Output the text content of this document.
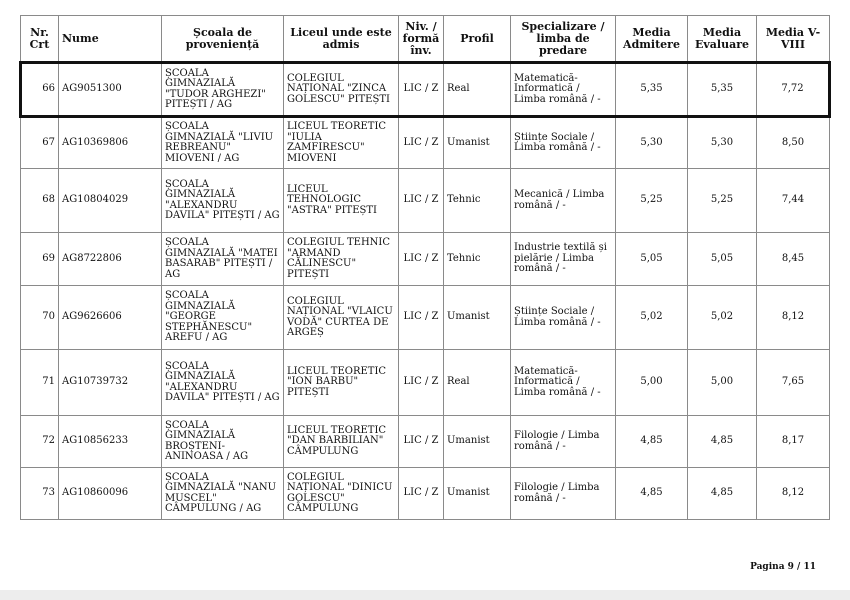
Nr. Crt	Nume	Școala de proveniență	Liceul unde este admis	Niv. / formă înv.	Profil	Specializare / limba de predare	Media Admitere	Media Evaluare	Media V-VIII
66	AG9051300	ȘCOALA GIMNAZIALĂ "TUDOR ARGHEZI" PITEȘTI / AG	COLEGIUL NAȚIONAL "ZINCA GOLESCU" PITEȘTI	LIC / Z	Real	Matematică-Informatică / Limba română / -	5,35	5,35	7,72
67	AG10369806	ȘCOALA GIMNAZIALĂ "LIVIU REBREANU" MIOVENI / AG	LICEUL TEORETIC "IULIA ZAMFIRESCU" MIOVENI	LIC / Z	Umanist	Științe Sociale / Limba română / -	5,30	5,30	8,50
68	AG10804029	ȘCOALA GIMNAZIALĂ "ALEXANDRU DAVILA" PITEȘTI / AG	LICEUL TEHNOLOGIC "ASTRA" PITEȘTI	LIC / Z	Tehnic	Mecanică / Limba română / -	5,25	5,25	7,44
69	AG8722806	ȘCOALA GIMNAZIALĂ "MATEI BASARAB" PITEȘTI / AG	COLEGIUL TEHNIC "ARMAND CĂLINESCU" PITEȘTI	LIC / Z	Tehnic	Industrie textilă și pielărie / Limba română / -	5,05	5,05	8,45
70	AG9626606	ȘCOALA GIMNAZIALĂ "GEORGE STEPHĂNESCU" AREFU / AG	COLEGIUL NAȚIONAL "VLAICU VODĂ" CURTEA DE ARGEȘ	LIC / Z	Umanist	Științe Sociale / Limba română / -	5,02	5,02	8,12
71	AG10739732	ȘCOALA GIMNAZIALĂ "ALEXANDRU DAVILA" PITEȘTI / AG	LICEUL TEORETIC "ION BARBU" PITEȘTI	LIC / Z	Real	Matematică-Informatică / Limba română / -	5,00	5,00	7,65
72	AG10856233	ȘCOALA GIMNAZIALĂ BROȘTENI-ANINOASA / AG	LICEUL TEORETIC "DAN BARBILIAN" CÂMPULUNG	LIC / Z	Umanist	Filologie / Limba română / -	4,85	4,85	8,17
73	AG10860096	ȘCOALA GIMNAZIALĂ "NANU MUSCEL" CÂMPULUNG / AG	COLEGIUL NAȚIONAL "DINICU GOLESCU" CÂMPULUNG	LIC / Z	Umanist	Filologie / Limba română / -	4,85	4,85	8,12
Pagina 9 / 11
